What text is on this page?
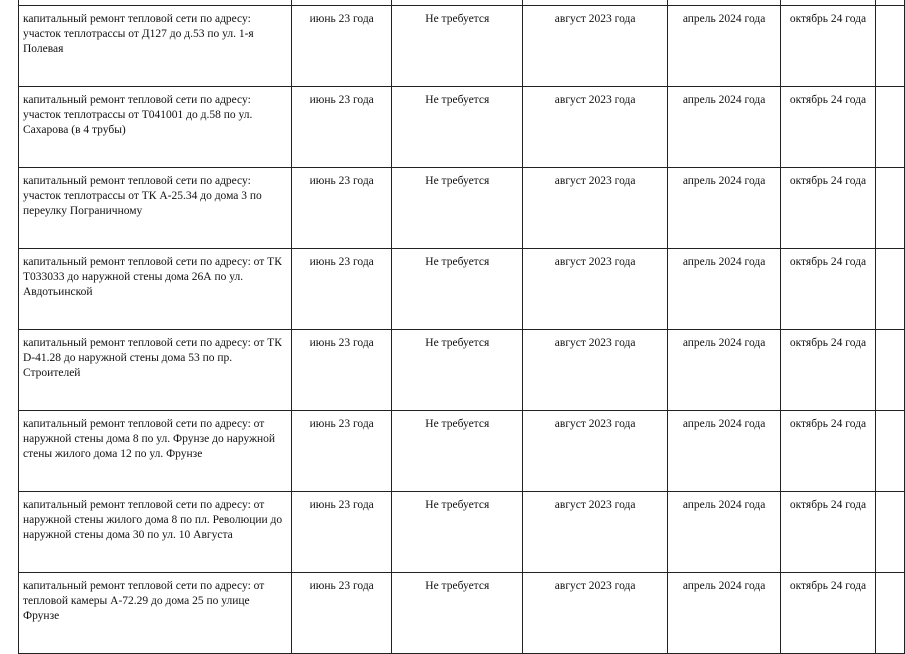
капитальный ремонт тепловой сети по адресу: участок теплотрассы от Д127 до д.53 по ул. 1-я Полевая	июнь 23 года	Не требуется	август 2023 года	апрель 2024 года	октябрь 24 года	
капитальный ремонт тепловой сети по адресу: участок теплотрассы от Т041001 до д.58 по ул. Сахарова (в 4 трубы)	июнь 23 года	Не требуется	август 2023 года	апрель 2024 года	октябрь 24 года	
капитальный ремонт тепловой сети по адресу: участок теплотрассы от ТК А-25.34 до дома 3 по переулку Пограничному	июнь 23 года	Не требуется	август 2023 года	апрель 2024 года	октябрь 24 года	
капитальный ремонт тепловой сети по адресу: от ТК Т033033 до наружной стены дома 26А по ул. Авдотьинской	июнь 23 года	Не требуется	август 2023 года	апрель 2024 года	октябрь 24 года	
капитальный ремонт тепловой сети по адресу: от ТК D-41.28 до наружной стены дома 53 по пр. Строителей	июнь 23 года	Не требуется	август 2023 года	апрель 2024 года	октябрь 24 года	
капитальный ремонт тепловой сети по адресу: от наружной стены дома 8 по ул. Фрунзе до наружной стены жилого дома 12 по ул. Фрунзе	июнь 23 года	Не требуется	август 2023 года	апрель 2024 года	октябрь 24 года	
капитальный ремонт тепловой сети по адресу: от наружной стены жилого дома 8 по пл. Революции до наружной стены дома 30 по ул. 10 Августа	июнь 23 года	Не требуется	август 2023 года	апрель 2024 года	октябрь 24 года	
капитальный ремонт тепловой сети по адресу: от тепловой камеры А-72.29 до дома 25 по улице Фрунзе	июнь 23 года	Не требуется	август 2023 года	апрель 2024 года	октябрь 24 года	
